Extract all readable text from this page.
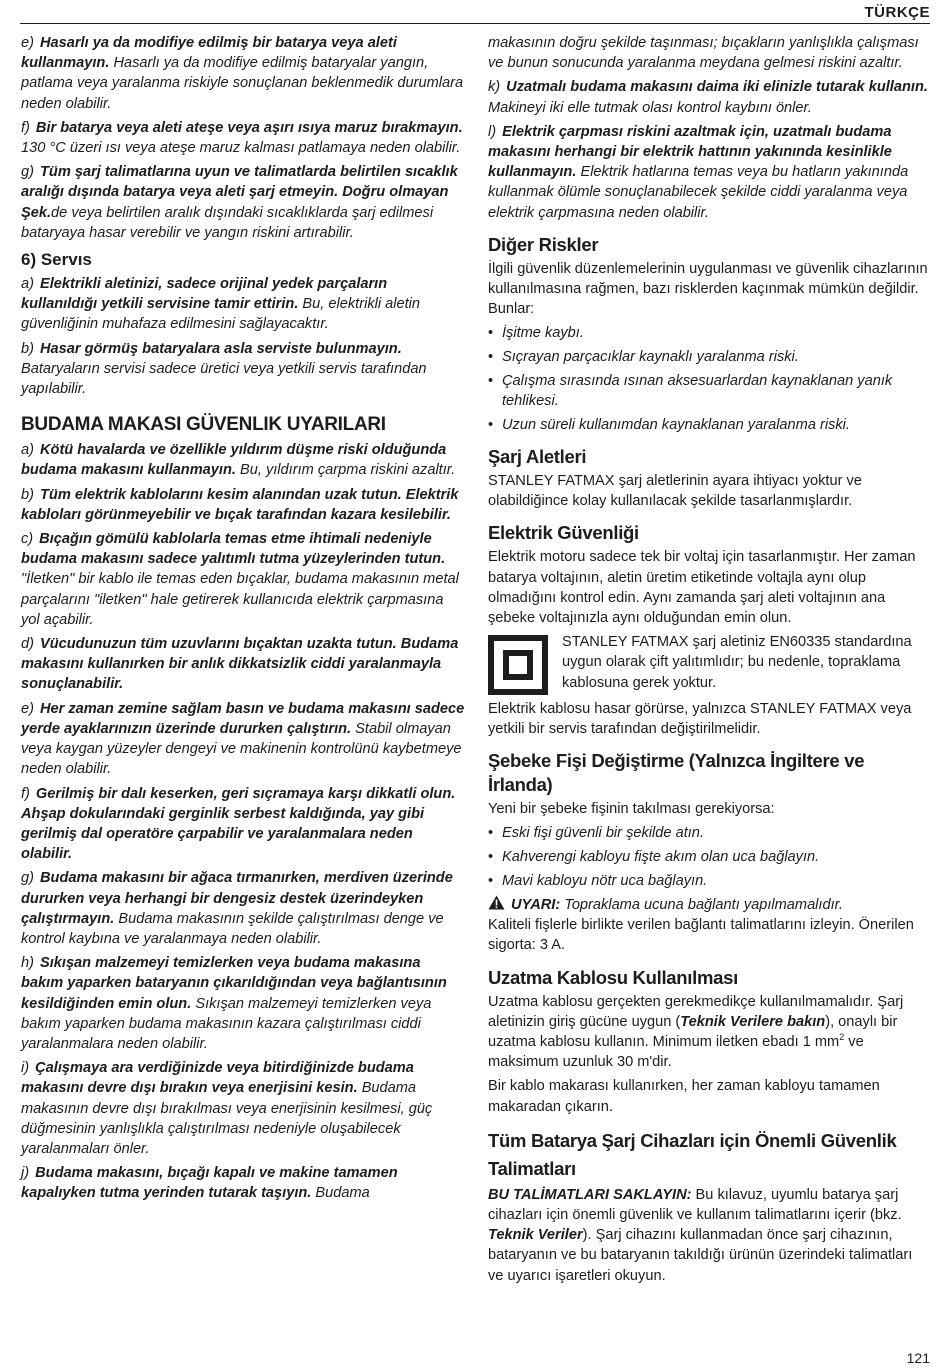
TÜRKÇE

e) Hasarlı ya da modifiye edilmiş bir batarya veya aleti kullanmayın. Hasarlı ya da modifiye edilmiş bataryalar yangın, patlama veya yaralanma riskiyle sonuçlanan beklenmedik durumlara neden olabilir.

f) Bir batarya veya aleti ateşe veya aşırı ısıya maruz bırakmayın. 130 °C üzeri ısı veya ateşe maruz kalması patlamaya neden olabilir.

g) Tüm şarj talimatlarına uyun ve talimatlarda belirtilen sıcaklık aralığı dışında batarya veya aleti şarj etmeyin. Doğru olmayan Şek.de veya belirtilen aralık dışındaki sıcaklıklarda şarj edilmesi bataryaya hasar verebilir ve yangın riskini artırabilir.

6) Servıs

a) Elektrikli aletinizi, sadece orijinal yedek parçaların kullanıldığı yetkili servisine tamir ettirin. Bu, elektrikli aletin güvenliğinin muhafaza edilmesini sağlayacaktır.

b) Hasar görmüş bataryalara asla serviste bulunmayın. Bataryaların servisi sadece üretici veya yetkili servis tarafından yapılabilir.

BUDAMA MAKASI GÜVENLIK UYARILARI

a) Kötü havalarda ve özellikle yıldırım düşme riski olduğunda budama makasını kullanmayın. Bu, yıldırım çarpma riskini azaltır.

b) Tüm elektrik kablolarını kesim alanından uzak tutun. Elektrik kabloları görünmeyebilir ve bıçak tarafından kazara kesilebilir.

c) Bıçağın gömülü kablolarla temas etme ihtimali nedeniyle budama makasını sadece yalıtımlı tutma yüzeylerinden tutun. "İletken" bir kablo ile temas eden bıçaklar, budama makasının metal parçalarını "iletken" hale getirerek kullanıcıda elektrik çarpmasına yol açabilir.

d) Vücudunuzun tüm uzuvlarını bıçaktan uzakta tutun. Budama makasını kullanırken bir anlık dikkatsizlik ciddi yaralanmayla sonuçlanabilir.

e) Her zaman zemine sağlam basın ve budama makasını sadece yerde ayaklarınızın üzerinde dururken çalıştırın. Stabil olmayan veya kaygan yüzeyler dengeyi ve makinenin kontrolünü kaybetmeye neden olabilir.

f) Gerilmiş bir dalı keserken, geri sıçramaya karşı dikkatli olun. Ahşap dokularındaki gerginlik serbest kaldığında, yay gibi gerilmiş dal operatöre çarpabilir ve yaralanmalara neden olabilir.

g) Budama makasını bir ağaca tırmanırken, merdiven üzerinde dururken veya herhangi bir dengesiz destek üzerindeyken çalıştırmayın. Budama makasının şekilde çalıştırılması denge ve kontrol kaybına ve yaralanmaya neden olabilir.

h) Sıkışan malzemeyi temizlerken veya budama makasına bakım yaparken bataryanın çıkarıldığından veya bağlantısının kesildiğinden emin olun. Sıkışan malzemeyi temizlerken veya bakım yaparken budama makasının kazara çalıştırılması ciddi yaralanmalara neden olabilir.

i) Çalışmaya ara verdiğinizde veya bitirdiğinizde budama makasını devre dışı bırakın veya enerjisini kesin. Budama makasının devre dışı bırakılması veya enerjisinin kesilmesi, güç düğmesinin yanlışlıkla çalıştırılması nedeniyle oluşabilecek yaralanmaları önler.

j) Budama makasını, bıçağı kapalı ve makine tamamen kapalıyken tutma yerinden tutarak taşıyın. Budama

makasının doğru şekilde taşınması; bıçakların yanlışlıkla çalışması ve bunun sonucunda yaralanma meydana gelmesi riskini azaltır.

k) Uzatmalı budama makasını daima iki elinizle tutarak kullanın. Makineyi iki elle tutmak olası kontrol kaybını önler.

l) Elektrik çarpması riskini azaltmak için, uzatmalı budama makasını herhangi bir elektrik hattının yakınında kesinlikle kullanmayın. Elektrik hatlarına temas veya bu hatların yakınında kullanmak ölümle sonuçlanabilecek şekilde ciddi yaralanma veya elektrik çarpmasına neden olabilir.

Diğer Riskler

İlgili güvenlik düzenlemelerinin uygulanması ve güvenlik cihazlarının kullanılmasına rağmen, bazı risklerden kaçınmak mümkün değildir. Bunlar:

• İşitme kaybı.
• Sıçrayan parçacıklar kaynaklı yaralanma riski.
• Çalışma sırasında ısınan aksesuarlardan kaynaklanan yanık tehlikesi.
• Uzun süreli kullanımdan kaynaklanan yaralanma riski.
Şarj Aletleri

STANLEY FATMAX şarj aletlerinin ayara ihtiyacı yoktur ve olabildiğince kolay kullanılacak şekilde tasarlanmışlardır.

Elektrik Güvenliği

Elektrik motoru sadece tek bir voltaj için tasarlanmıştır. Her zaman batarya voltajının, aletin üretim etiketinde voltajla aynı olup olmadığını kontrol edin. Aynı zamanda şarj aleti voltajının ana şebeke voltajınızla aynı olduğundan emin olun.

STANLEY FATMAX şarj aletiniz EN60335 standardına uygun olarak çift yalıtımlıdır; bu nedenle, topraklama kablosuna gerek yoktur.

Elektrik kablosu hasar görürse, yalnızca STANLEY FATMAX veya yetkili bir servis tarafından değiştirilmelidir.

Şebeke Fişi Değiştirme (Yalnızca İngiltere ve İrlanda)

Yeni bir şebeke fişinin takılması gerekiyorsa:

• Eski fişi güvenli bir şekilde atın.
• Kahverengi kabloyu fişte akım olan uca bağlayın.
• Mavi kabloyu nötr uca bağlayın.

UYARI: Topraklama ucuna bağlantı yapılmamalıdır.
Kaliteli fişlerle birlikte verilen bağlantı talimatlarını izleyin. Önerilen sigorta: 3 A.

Uzatma Kablosu Kullanılması

Uzatma kablosu gerçekten gerekmedikçe kullanılmamalıdır. Şarj aletinizin giriş gücüne uygun (Teknik Verilere bakın), onaylı bir uzatma kablosu kullanın. Minimum iletken ebadı 1 $mm^2$ ve maksimum uzunluk 30 m'dir.

Bir kablo makarası kullanırken, her zaman kabloyu tamamen makaradan çıkarın.

Tüm Batarya Şarj Cihazları için Önemli Güvenlik Talimatları

BU TALİMATLARI SAKLAYIN: Bu kılavuz, uyumlu batarya şarj cihazları için önemli güvenlik ve kullanım talimatlarını içerir (bkz. Teknik Veriler). Şarj cihazını kullanmadan önce şarj cihazının, bataryanın ve bu bataryanın takıldığı ürünün üzerindeki talimatları ve uyarıcı işaretleri okuyun.

121
